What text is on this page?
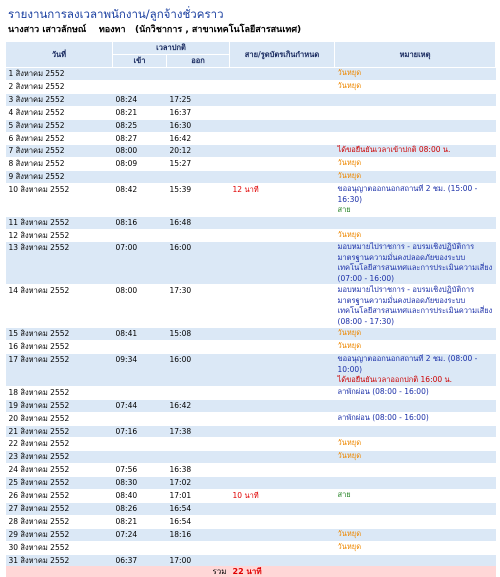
รายงานการลงเวลาพนักงาน/ลูกจ้างชั่วคราว
นางสาว เสาวลักษณ์ ทองทา (นักวิชาการ , สาขาเทคโนโลยีสารสนเทศ)
วันที่	เวลาปกติ		สาย/รูดบัตรเกินกำหนด	หมายเหตุ
	เข้า	ออก		
1 สิงหาคม 2552				วันหยุด
2 สิงหาคม 2552				วันหยุด
3 สิงหาคม 2552	08:24	17:25		
4 สิงหาคม 2552	08:21	16:37		
5 สิงหาคม 2552	08:25	16:30		
6 สิงหาคม 2552	08:27	16:42		
7 สิงหาคม 2552	08:00	20:12		ได้ขอยืนยันเวลาเข้าปกติ 08:00 น.
8 สิงหาคม 2552	08:09	15:27		วันหยุด
9 สิงหาคม 2552				วันหยุด
10 สิงหาคม 2552	08:42	15:39	12 นาที	ขออนุญาตออกนอกสถานที่ 2 ชม. (15:00 - 16:30)
สาย
11 สิงหาคม 2552	08:16	16:48		
12 สิงหาคม 2552				วันหยุด
13 สิงหาคม 2552	07:00	16:00		มอบหมายไปราชการ - อบรมเชิงปฏิบัติการมาตรฐานความมั่นคงปลอดภัยของระบบเทคโนโลยีสารสนเทศและการประเมินความเสี่ยง (07:00 - 16:00)
14 สิงหาคม 2552	08:00	17:30		มอบหมายไปราชการ - อบรมเชิงปฏิบัติการมาตรฐานความมั่นคงปลอดภัยของระบบเทคโนโลยีสารสนเทศและการประเมินความเสี่ยง (08:00 - 17:30)
15 สิงหาคม 2552	08:41	15:08		วันหยุด
16 สิงหาคม 2552				วันหยุด
17 สิงหาคม 2552	09:34	16:00		ขออนุญาตออกนอกสถานที่ 2 ชม. (08:00 - 10:00)
ได้ขอยืนยันเวลาออกปกติ 16:00 น.
18 สิงหาคม 2552				ลาพักผ่อน (08:00 - 16:00)
19 สิงหาคม 2552	07:44	16:42		
20 สิงหาคม 2552				ลาพักผ่อน (08:00 - 16:00)
21 สิงหาคม 2552	07:16	17:38		
22 สิงหาคม 2552				วันหยุด
23 สิงหาคม 2552				วันหยุด
24 สิงหาคม 2552	07:56	16:38		
25 สิงหาคม 2552	08:30	17:02		
26 สิงหาคม 2552	08:40	17:01	10 นาที	สาย
27 สิงหาคม 2552	08:26	16:54		
28 สิงหาคม 2552	08:21	16:54		
29 สิงหาคม 2552	07:24	18:16		วันหยุด
30 สิงหาคม 2552				วันหยุด
31 สิงหาคม 2552	06:37	17:00		
รวม			22 นาที	
